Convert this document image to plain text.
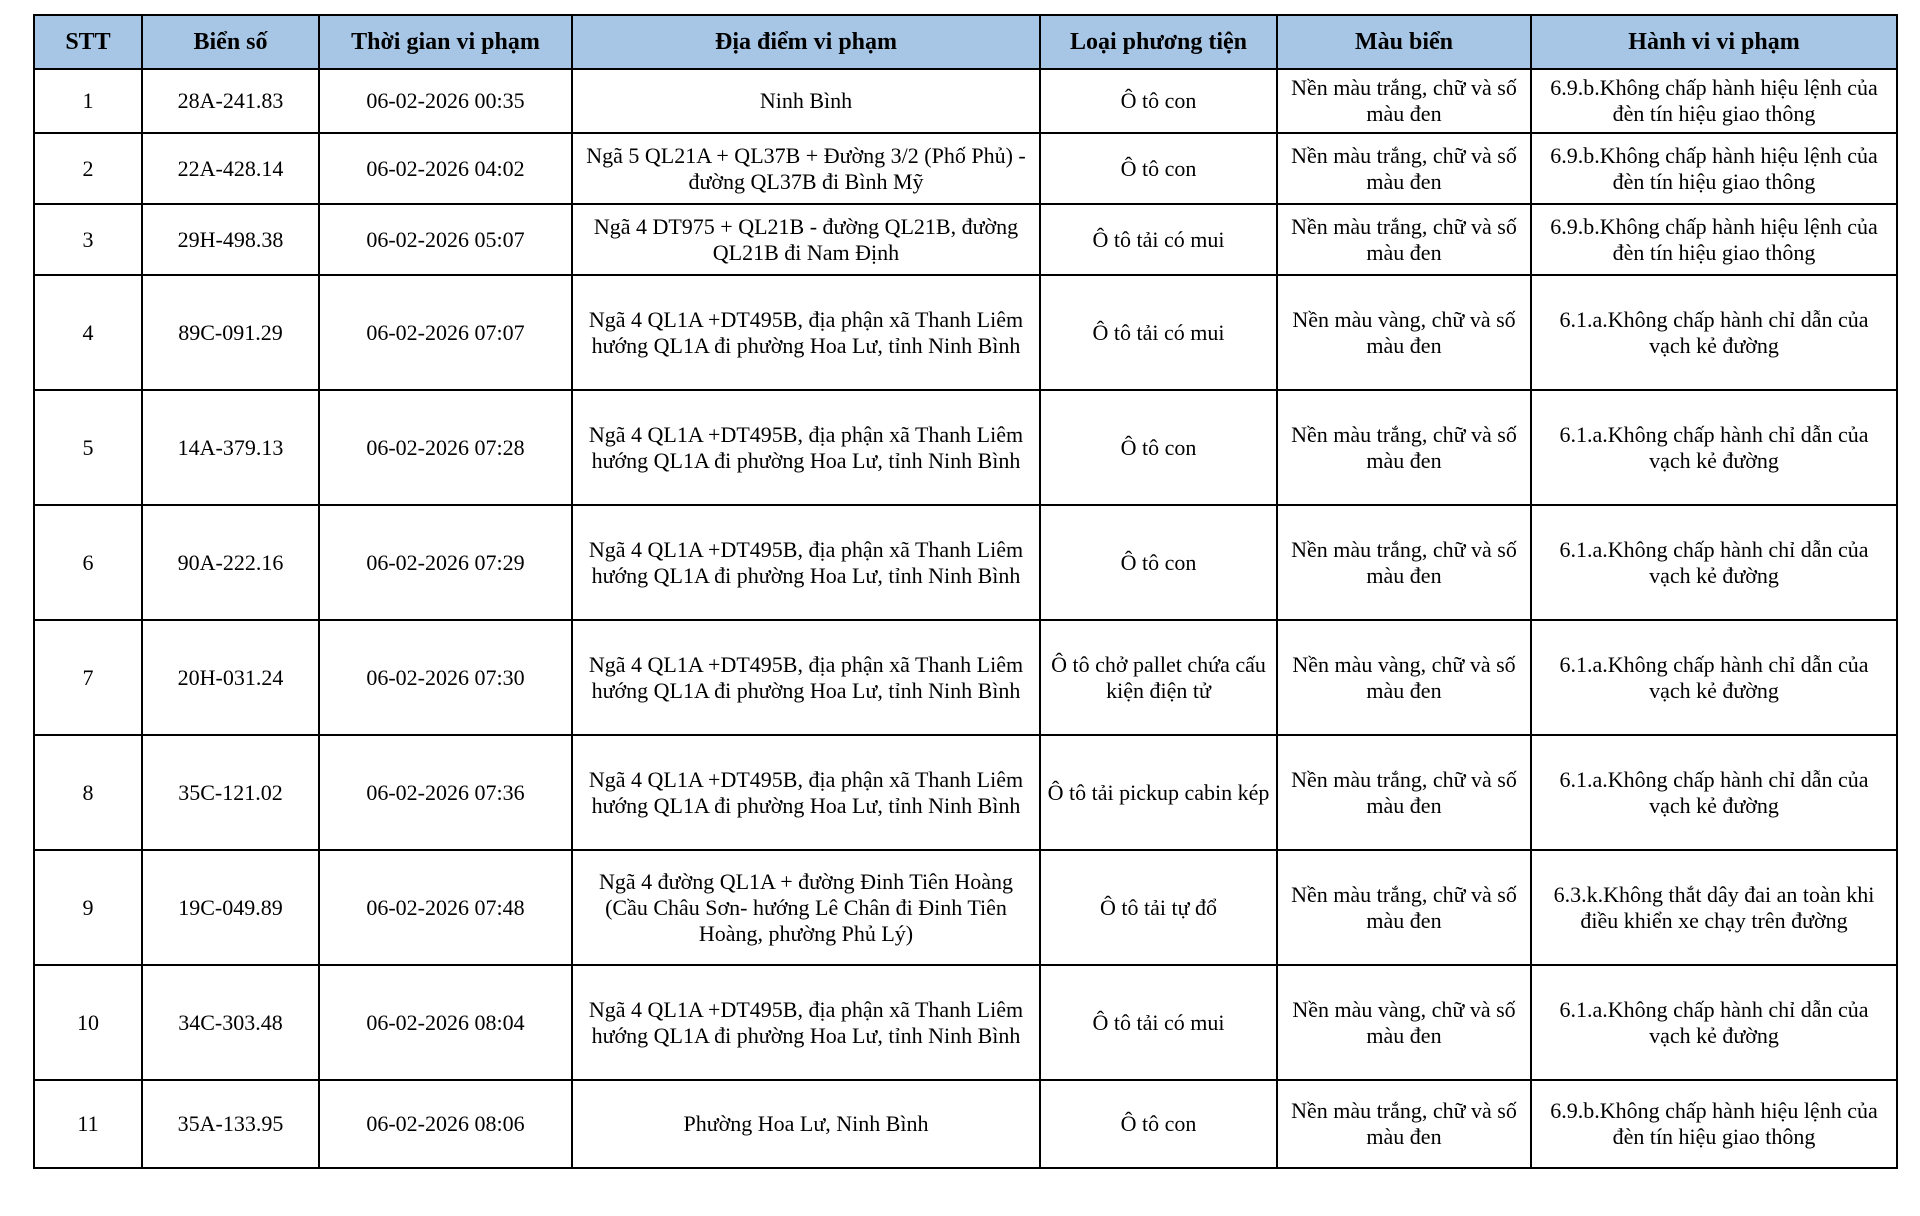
STT	Biển số	Thời gian vi phạm	Địa điểm vi phạm	Loại phương tiện	Màu biển	Hành vi vi phạm
1	28A-241.83	06-02-2026 00:35	Ninh Bình	Ô tô con	Nền màu trắng, chữ và số màu đen	6.9.b.Không chấp hành hiệu lệnh của đèn tín hiệu giao thông
2	22A-428.14	06-02-2026 04:02	Ngã 5 QL21A + QL37B + Đường 3/2 (Phố Phủ) - đường QL37B đi Bình Mỹ	Ô tô con	Nền màu trắng, chữ và số màu đen	6.9.b.Không chấp hành hiệu lệnh của đèn tín hiệu giao thông
3	29H-498.38	06-02-2026 05:07	Ngã 4 DT975 + QL21B - đường QL21B, đường QL21B đi Nam Định	Ô tô tải có mui	Nền màu trắng, chữ và số màu đen	6.9.b.Không chấp hành hiệu lệnh của đèn tín hiệu giao thông
4	89C-091.29	06-02-2026 07:07	Ngã 4 QL1A +DT495B, địa phận xã Thanh Liêm hướng QL1A đi phường Hoa Lư, tỉnh Ninh Bình	Ô tô tải có mui	Nền màu vàng, chữ và số màu đen	6.1.a.Không chấp hành chỉ dẫn của vạch kẻ đường
5	14A-379.13	06-02-2026 07:28	Ngã 4 QL1A +DT495B, địa phận xã Thanh Liêm hướng QL1A đi phường Hoa Lư, tỉnh Ninh Bình	Ô tô con	Nền màu trắng, chữ và số màu đen	6.1.a.Không chấp hành chỉ dẫn của vạch kẻ đường
6	90A-222.16	06-02-2026 07:29	Ngã 4 QL1A +DT495B, địa phận xã Thanh Liêm hướng QL1A đi phường Hoa Lư, tỉnh Ninh Bình	Ô tô con	Nền màu trắng, chữ và số màu đen	6.1.a.Không chấp hành chỉ dẫn của vạch kẻ đường
7	20H-031.24	06-02-2026 07:30	Ngã 4 QL1A +DT495B, địa phận xã Thanh Liêm hướng QL1A đi phường Hoa Lư, tỉnh Ninh Bình	Ô tô chở pallet chứa cấu kiện điện tử	Nền màu vàng, chữ và số màu đen	6.1.a.Không chấp hành chỉ dẫn của vạch kẻ đường
8	35C-121.02	06-02-2026 07:36	Ngã 4 QL1A +DT495B, địa phận xã Thanh Liêm hướng QL1A đi phường Hoa Lư, tỉnh Ninh Bình	Ô tô tải pickup cabin kép	Nền màu trắng, chữ và số màu đen	6.1.a.Không chấp hành chỉ dẫn của vạch kẻ đường
9	19C-049.89	06-02-2026 07:48	Ngã 4 đường QL1A + đường Đinh Tiên Hoàng (Cầu Châu Sơn- hướng Lê Chân đi Đinh Tiên Hoàng, phường Phủ Lý)	Ô tô tải tự đổ	Nền màu trắng, chữ và số màu đen	6.3.k.Không thắt dây đai an toàn khi điều khiển xe chạy trên đường
10	34C-303.48	06-02-2026 08:04	Ngã 4 QL1A +DT495B, địa phận xã Thanh Liêm hướng QL1A đi phường Hoa Lư, tỉnh Ninh Bình	Ô tô tải có mui	Nền màu vàng, chữ và số màu đen	6.1.a.Không chấp hành chỉ dẫn của vạch kẻ đường
11	35A-133.95	06-02-2026 08:06	Phường Hoa Lư, Ninh Bình	Ô tô con	Nền màu trắng, chữ và số màu đen	6.9.b.Không chấp hành hiệu lệnh của đèn tín hiệu giao thông
